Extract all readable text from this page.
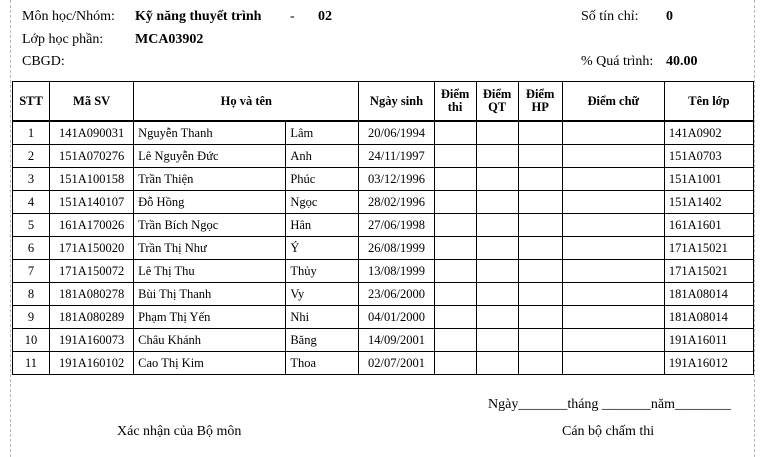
Môn học/Nhóm: Kỹ năng thuyết trình - 02	Số tín chỉ: 0
Lớp học phần: MCA03902
CBGD:	% Quá trình: 40.00
STT	Mã SV	Họ và tên		Ngày sinh	Điểm thi	Điểm QT	Điểm HP	Điểm chữ	Tên lớp
1	141A090031	Nguyễn Thanh	Lâm	20/06/1994					141A0902
2	151A070276	Lê Nguyễn Đức	Anh	24/11/1997					151A0703
3	151A100158	Trần Thiện	Phúc	03/12/1996					151A1001
4	151A140107	Đỗ Hồng	Ngọc	28/02/1996					151A1402
5	161A170026	Trần Bích Ngọc	Hân	27/06/1998					161A1601
6	171A150020	Trần Thị Như	Ý	26/08/1999					171A15021
7	171A150072	Lê Thị Thu	Thủy	13/08/1999					171A15021
8	181A080278	Bùi Thị Thanh	Vy	23/06/2000					181A08014
9	181A080289	Phạm Thị Yến	Nhi	04/01/2000					181A08014
10	191A160073	Châu Khánh	Băng	14/09/2001					191A16011
11	191A160102	Cao Thị Kim	Thoa	02/07/2001					191A16012
Ngày_______tháng _______năm________
Xác nhận của Bộ môn	Cán bộ chấm thi
